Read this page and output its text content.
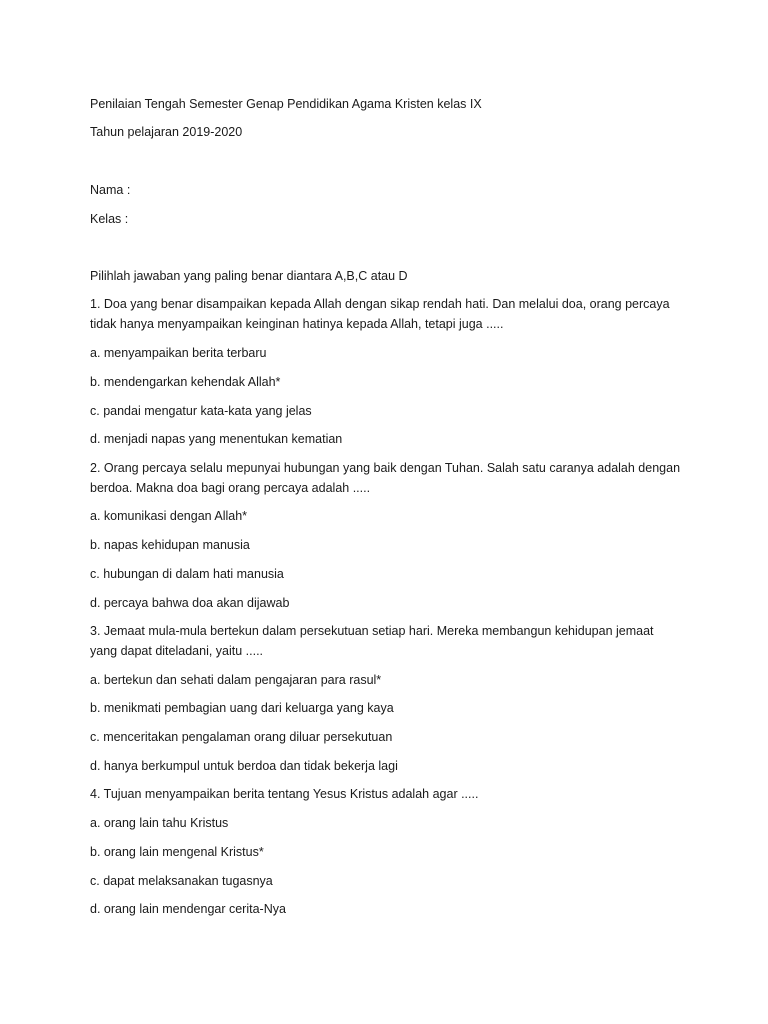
Penilaian Tengah Semester Genap Pendidikan Agama Kristen kelas IX
Tahun pelajaran 2019-2020
Nama :
Kelas :
Pilihlah jawaban yang paling benar diantara A,B,C atau D
1. Doa yang benar disampaikan kepada Allah dengan sikap rendah hati. Dan melalui doa, orang percaya
tidak hanya menyampaikan keinginan hatinya kepada Allah, tetapi juga .....
a. menyampaikan berita terbaru
b. mendengarkan kehendak Allah*
c. pandai mengatur kata-kata yang jelas
d. menjadi napas yang menentukan kematian
2. Orang percaya selalu mepunyai hubungan yang baik dengan Tuhan. Salah satu caranya adalah dengan
berdoa. Makna doa bagi orang percaya adalah .....
a. komunikasi dengan Allah*
b. napas kehidupan manusia
c. hubungan di dalam hati manusia
d. percaya bahwa doa akan dijawab
3. Jemaat mula-mula bertekun dalam persekutuan setiap hari. Mereka membangun kehidupan jemaat
yang dapat diteladani, yaitu .....
a. bertekun dan sehati dalam pengajaran para rasul*
b. menikmati pembagian uang dari keluarga yang kaya
c. menceritakan pengalaman orang diluar persekutuan
d. hanya berkumpul untuk berdoa dan tidak bekerja lagi
4. Tujuan menyampaikan berita tentang Yesus Kristus adalah agar .....
a. orang lain tahu Kristus
b. orang lain mengenal Kristus*
c. dapat melaksanakan tugasnya
d. orang lain mendengar cerita-Nya
